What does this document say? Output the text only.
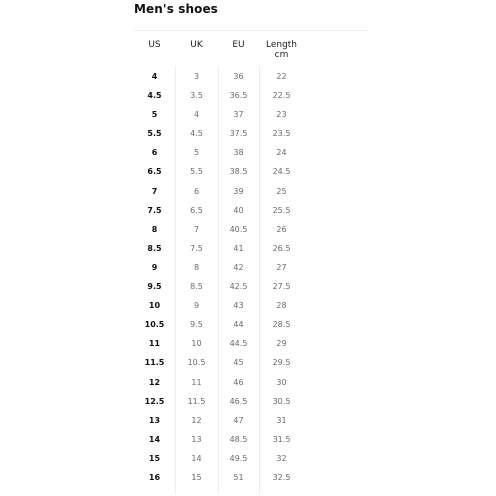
Men's shoes
US	UK	EU	Length cm
4	3	36	22
4.5	3.5	36.5	22.5
5	4	37	23
5.5	4.5	37.5	23.5
6	5	38	24
6.5	5.5	38.5	24.5
7	6	39	25
7.5	6.5	40	25.5
8	7	40.5	26
8.5	7.5	41	26.5
9	8	42	27
9.5	8.5	42.5	27.5
10	9	43	28
10.5	9.5	44	28.5
11	10	44.5	29
11.5	10.5	45	29.5
12	11	46	30
12.5	11.5	46.5	30.5
13	12	47	31
14	13	48.5	31.5
15	14	49.5	32
16	15	51	32.5
